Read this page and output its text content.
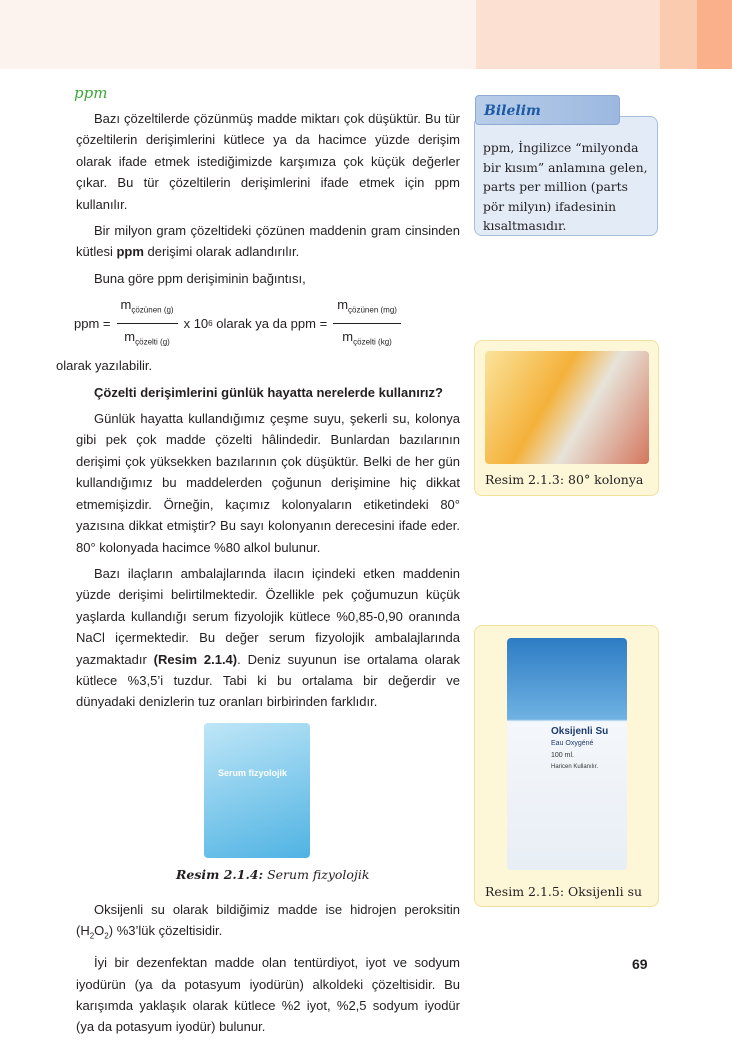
ppm

Bazı çözeltilerde çözünmüş madde miktarı çok düşüktür. Bu tür çözeltilerin derişimlerini kütlece ya da hacimce yüzde derişim olarak ifade etmek istediğimizde karşımıza çok küçük değerler çıkar. Bu tür çözeltilerin derişimlerini ifade etmek için ppm kullanılır.

Bir milyon gram çözeltideki çözünen maddenin gram cinsinden kütlesi ppm derişimi olarak adlandırılır.

Buna göre ppm derişiminin bağıntısı,

ppm = $\frac{m_{çözünen (g)}}{m_{çözelti (g)}}$ x 10 6
olarak ya da ppm = $\frac{m_{çözünen (mg)}}{m_{çözelti (kg)}}$

olarak yazılabilir.

Çözelti derişimlerini günlük hayatta nerelerde kullanırız?

Günlük hayatta kullandığımız çeşme suyu, şekerli su, kolonya gibi pek çok madde çözelti hâlindedir. Bunlardan bazılarının derişimi çok yüksekken bazılarının çok düşüktür. Belki de her gün kullandığımız bu maddelerden çoğunun derişimine hiç dikkat etmemişizdir. Örneğin, kaçımız kolonyaların etiketindeki 80° yazısına dikkat etmiştir? Bu sayı kolonyanın derecesini ifade eder. 80° kolonyada hacimce %80 alkol bulunur.

Bazı ilaçların ambalajlarında ilacın içindeki etken maddenin yüzde derişimi belirtilmektedir. Özellikle pek çoğumuzun küçük yaşlarda kullandığı serum fizyolojik kütlece %0,85-0,90 oranında NaCl içermektedir. Bu değer serum fizyolojik ambalajlarında yazmaktadır (Resim 2.1.4). Deniz suyunun ise ortalama olarak kütlece %3,5’i tuzdur. Tabi ki bu ortalama bir değerdir ve dünyadaki denizlerin tuz oranları birbirinden farklıdır.

Serum fizyolojik
Resim 2.1.4: Serum fizyolojik

Oksijenli su olarak bildiğimiz madde ise hidrojen peroksitin $(H_2O_2)$ %3’lük çözeltisidir.

İyi bir dezenfektan madde olan tentürdiyot, iyot ve sodyum iyodürün (ya da potasyum iyodürün) alkoldeki çözeltisidir. Bu karışımda yaklaşık olarak kütlece %2 iyot, %2,5 sodyum iyodür (ya da potasyum iyodür) bulunur.

ppm, İngilizce “milyonda bir kısım” anlamına gelen, parts per million (parts pör milyın) ifadesinin kısaltmasıdır.
Bilelim
Resim 2.1.3: 80° kolonya
Oksijenli Su
Eau Oxygéné
100 ml.
Haricen Kullanılır.
Resim 2.1.5: Oksijenli su
69
